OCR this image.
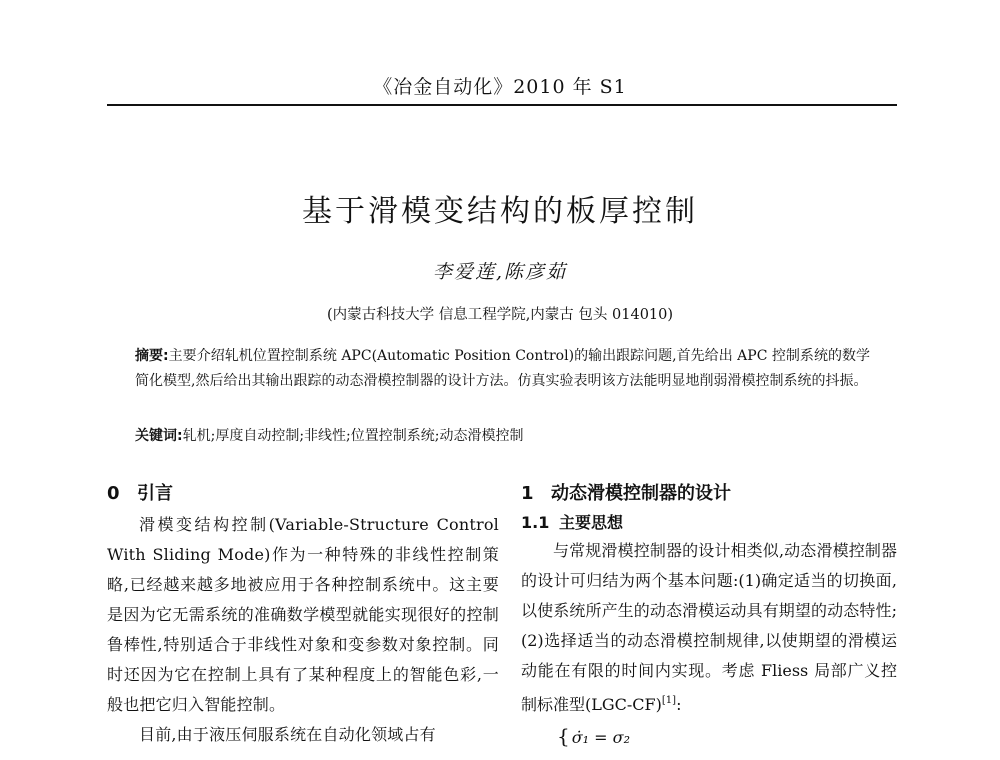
《冶金自动化》2010 年 S1
基于滑模变结构的板厚控制
李爱莲,陈彦茹
(内蒙古科技大学 信息工程学院,内蒙古 包头 014010)
摘要:主要介绍轧机位置控制系统 APC(Automatic Position Control)的输出跟踪问题,首先给出 APC 控制系统的数学简化模型,然后给出其输出跟踪的动态滑模控制器的设计方法。仿真实验表明该方法能明显地削弱滑模控制系统的抖振。
关键词:轧机;厚度自动控制;非线性;位置控制系统;动态滑模控制
0 引言

滑模变结构控制(Variable-Structure Control With Sliding Mode)作为一种特殊的非线性控制策略,已经越来越多地被应用于各种控制系统中。这主要是因为它无需系统的准确数学模型就能实现很好的控制鲁棒性,特别适合于非线性对象和变参数对象控制。同时还因为它在控制上具有了某种程度上的智能色彩,一般也把它归入智能控制。

目前,由于液压伺服系统在自动化领域占有

1 动态滑模控制器的设计
1.1 主要思想

与常规滑模控制器的设计相类似,动态滑模控制器的设计可归结为两个基本问题:(1)确定适当的切换面,以使系统所产生的动态滑模运动具有期望的动态特性;(2)选择适当的动态滑模控制规律,以使期望的滑模运动能在有限的时间内实现。考虑 Fliess 局部广义控制标准型(LGC-CF)[1]:

{ σ̇₁ = σ₂
